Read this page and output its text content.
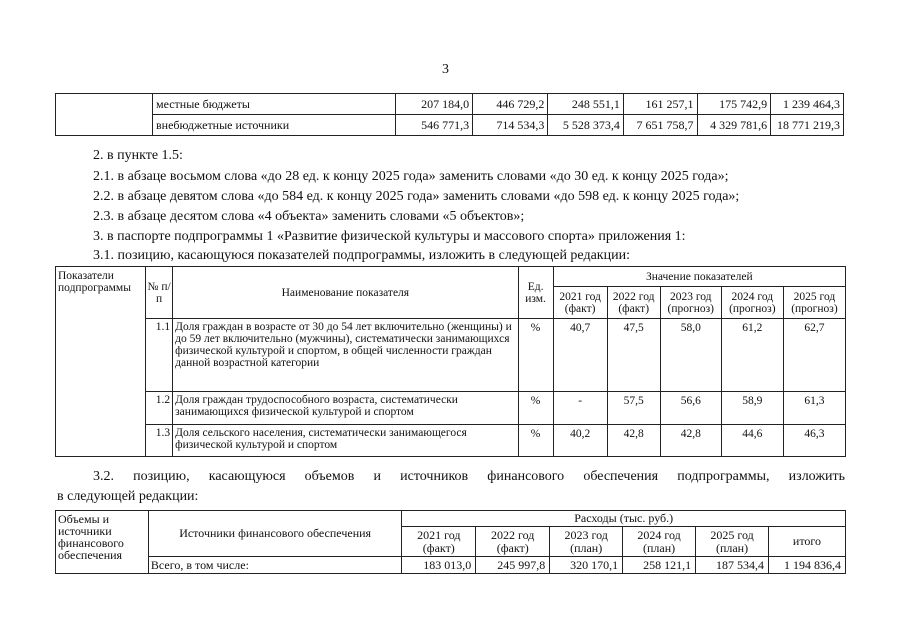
3
	местные бюджеты	207 184,0	446 729,2	248 551,1	161 257,1	175 742,9	1 239 464,3
	внебюджетные источники	546 771,3	714 534,3	5 528 373,4	7 651 758,7	4 329 781,6	18 771 219,3
2. в пункте 1.5:
2.1. в абзаце восьмом слова «до 28 ед. к концу 2025 года» заменить словами «до 30 ед. к концу 2025 года»;
2.2. в абзаце девятом слова «до 584 ед. к концу 2025 года» заменить словами «до 598 ед. к концу 2025 года»;
2.3. в абзаце десятом слова «4 объекта» заменить словами «5 объектов»;
3. в паспорте подпрограммы 1 «Развитие физической культуры и массового спорта» приложения 1:
3.1. позицию, касающуюся показателей подпрограммы, изложить в следующей редакции:
Показатели подпрограммы	№ п/п	Наименование показателя	Ед. изм.	Значение показателей				
				2021 год (факт)	2022 год (факт)	2023 год (прогноз)	2024 год (прогноз)	2025 год (прогноз)
	1.1	Доля граждан в возрасте от 30 до 54 лет включительно (женщины) и до 59 лет включительно (мужчины), систематически занимающихся физической культурой и спортом, в общей численности граждан данной возрастной категории	%	40,7	47,5	58,0	61,2	62,7
	1.2	Доля граждан трудоспособного возраста, систематически занимающихся физической культурой и спортом	%	-	57,5	56,6	58,9	61,3
	1.3	Доля сельского населения, систематически занимающегося физической культурой и спортом	%	40,2	42,8	42,8	44,6	46,3
3.2. позицию, касающуюся объемов и источников финансового обеспечения подпрограммы, изложить
в следующей редакции:
Объемы и источники финансового обеспечения	Источники финансового обеспечения	Расходы (тыс. руб.)					
		2021 год (факт)	2022 год (факт)	2023 год (план)	2024 год (план)	2025 год (план)	итого
	Всего, в том числе:	183 013,0	245 997,8	320 170,1	258 121,1	187 534,4	1 194 836,4
